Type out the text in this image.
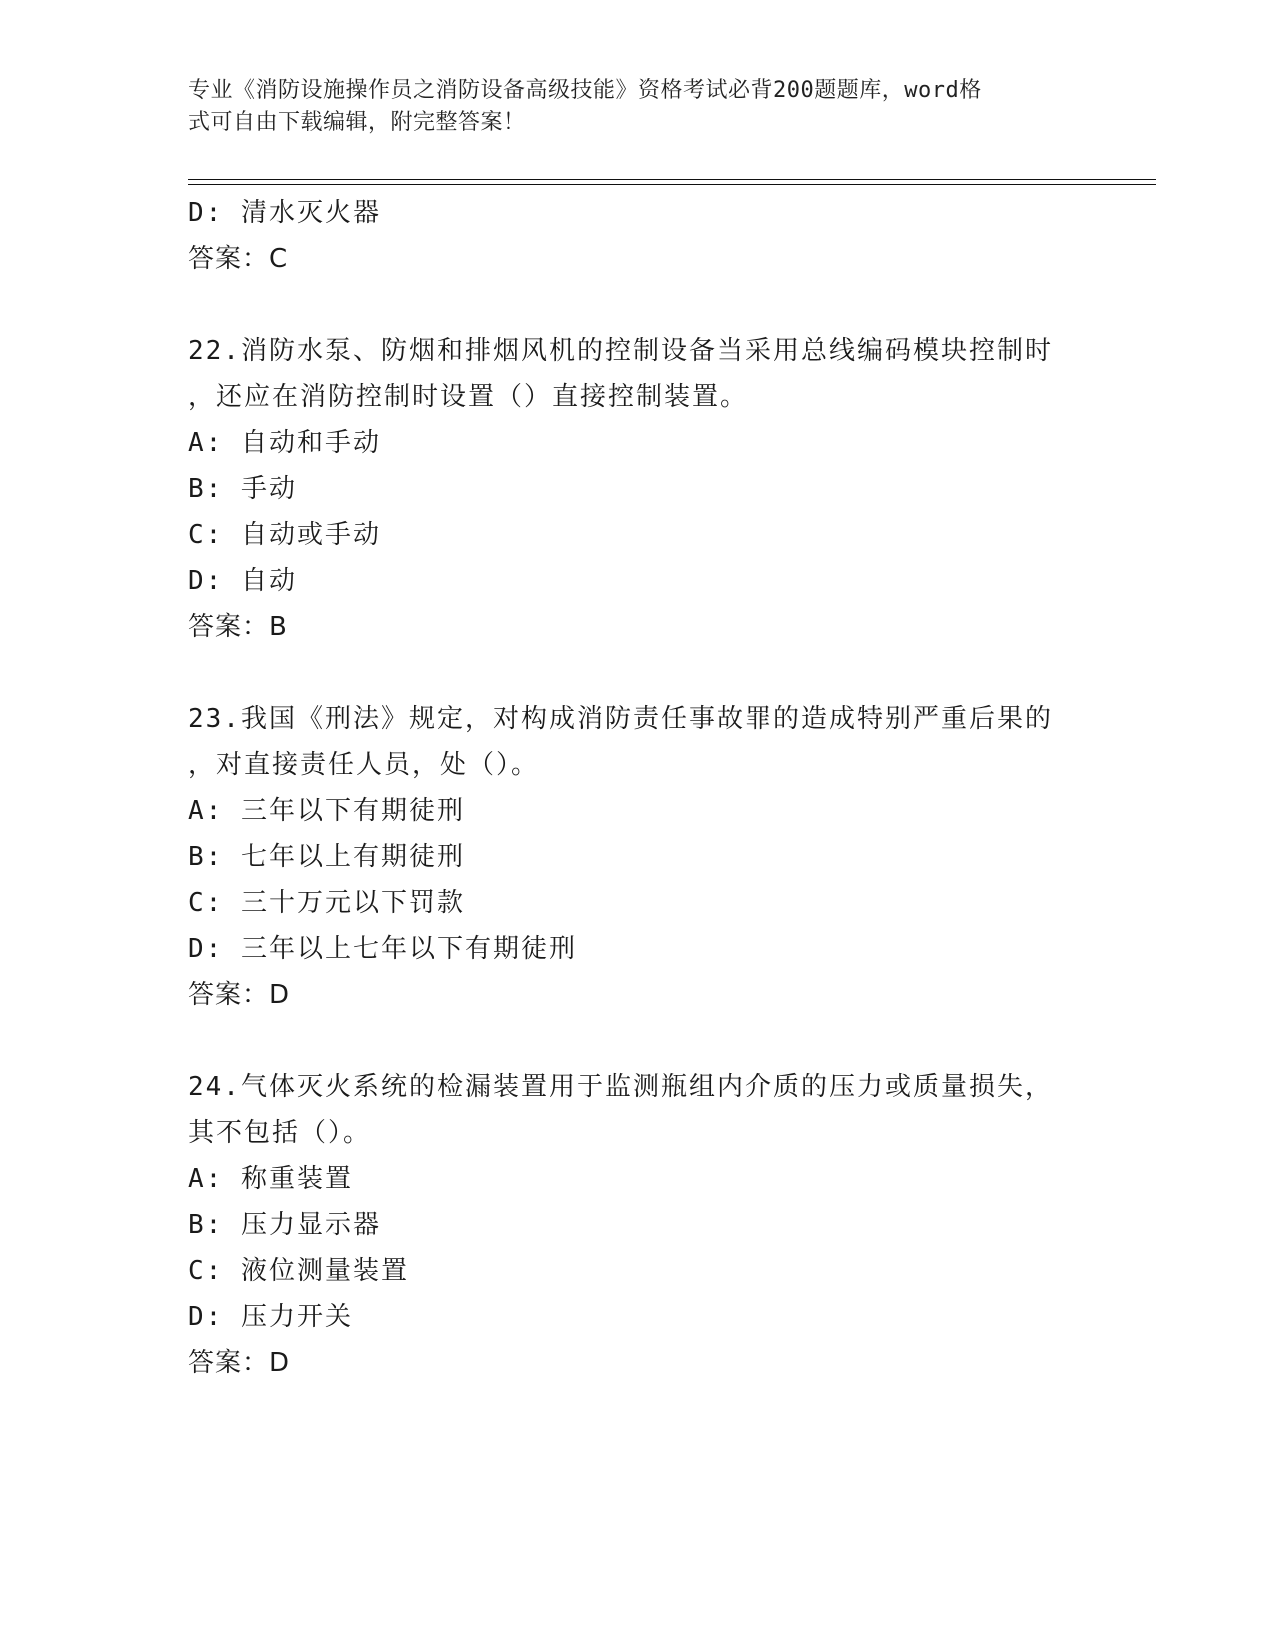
专业《消防设施操作员之消防设备高级技能》资格考试必背200题题库，word格
式可自由下载编辑，附完整答案！
D: 清水灭火器
答案：C
22.消防水泵、防烟和排烟风机的控制设备当采用总线编码模块控制时
，还应在消防控制时设置（）直接控制装置。
A: 自动和手动
B: 手动
C: 自动或手动
D: 自动
答案：B
23.我国《刑法》规定，对构成消防责任事故罪的造成特别严重后果的
，对直接责任人员，处（）。
A: 三年以下有期徒刑
B: 七年以上有期徒刑
C: 三十万元以下罚款
D: 三年以上七年以下有期徒刑
答案：D
24.气体灭火系统的检漏装置用于监测瓶组内介质的压力或质量损失，
其不包括（）。
A: 称重装置
B: 压力显示器
C: 液位测量装置
D: 压力开关
答案：D
